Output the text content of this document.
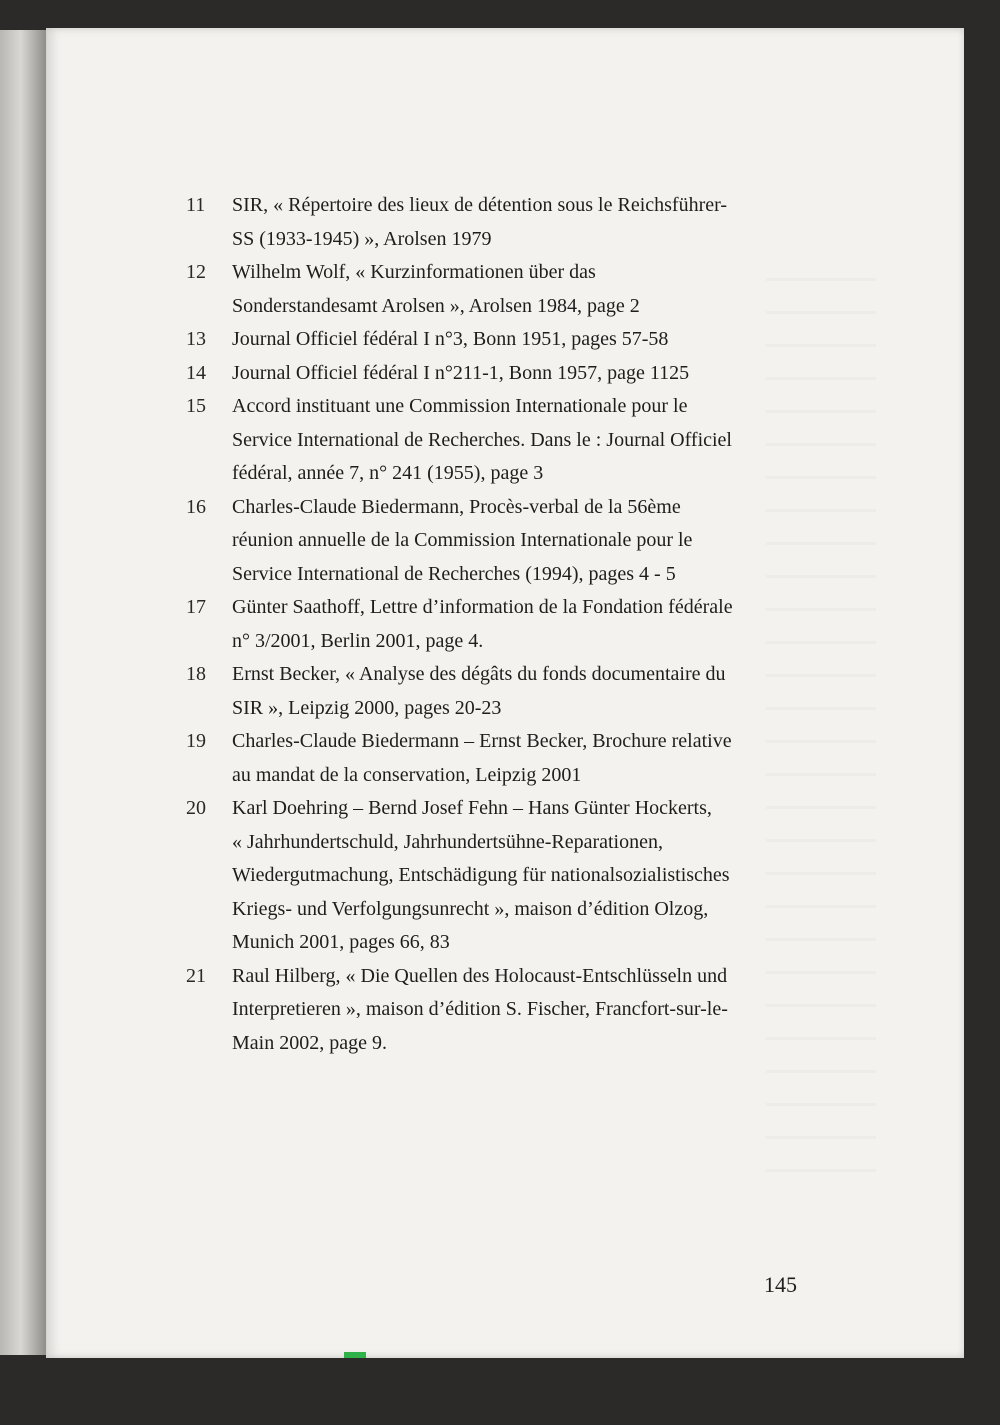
11	SIR, « Répertoire des lieux de détention sous le Reichsführer-
SS (1933-1945) », Arolsen 1979
12	Wilhelm Wolf, « Kurzinformationen über das
Sonderstandesamt Arolsen », Arolsen 1984, page 2
13	Journal Officiel fédéral I n°3, Bonn 1951, pages 57-58
14	Journal Officiel fédéral I n°211-1, Bonn 1957, page 1125
15	Accord instituant une Commission Internationale pour le
Service International de Recherches. Dans le : Journal Officiel
fédéral, année 7, n° 241 (1955), page 3
16	Charles-Claude Biedermann, Procès-verbal de la 56ème
réunion annuelle de la Commission Internationale pour le
Service International de Recherches (1994), pages 4 - 5
17	Günter Saathoff, Lettre d’information de la Fondation fédérale
n° 3/2001, Berlin 2001, page 4.
18	Ernst Becker, « Analyse des dégâts du fonds documentaire du
SIR », Leipzig 2000, pages 20-23
19	Charles-Claude Biedermann – Ernst Becker, Brochure relative
au mandat de la conservation, Leipzig 2001
20	Karl Doehring – Bernd Josef Fehn – Hans Günter Hockerts,
« Jahrhundertschuld, Jahrhundertsühne-Reparationen,
Wiedergutmachung, Entschädigung für nationalsozialistisches
Kriegs- und Verfolgungsunrecht », maison d’édition Olzog,
Munich 2001, pages 66, 83
21	Raul Hilberg, « Die Quellen des Holocaust-Entschlüsseln und
Interpretieren », maison d’édition S. Fischer, Francfort-sur-le-
Main 2002, page 9.
145
